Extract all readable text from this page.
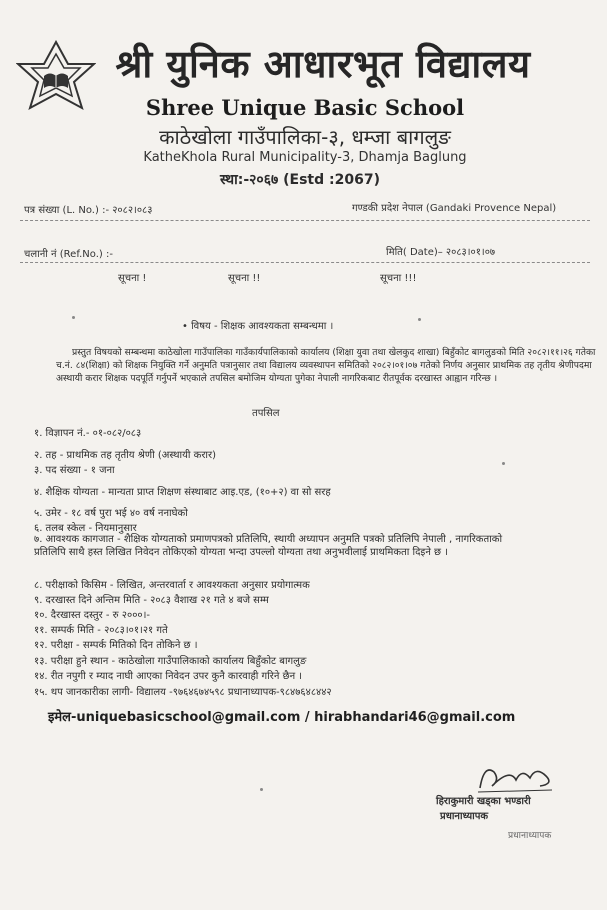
श्री युनिक आधारभूत विद्यालय
Shree Unique Basic School
काठेखोला गाउँपालिका-३, धम्जा बागलुङ
KatheKhola Rural Municipality-3, Dhamja Baglung
स्था:-२०६७ (Estd :2067)
पत्र संख्या (L. No.) :- २०८२।०८३	गण्डकी प्रदेश नेपाल (Gandaki Provence Nepal)
चलानी नं (Ref.No.) :-	मिति( Date)– २०८३।०१।०७
सूचना !	सूचना !!	सूचना !!!
• विषय - शिक्षक आवश्यकता सम्बन्धमा ।
प्रस्तुत विषयको सम्बन्धमा काठेखोला गाउँपालिका गाउँकार्यपालिकाको कार्यालय (शिक्षा युवा तथा खेलकुद शाखा) बिहुँकोट बागलुङको मिति २०८२।११।२६ गतेका च.नं. ८४(शिक्षा) को शिक्षक नियुक्ति गर्ने अनुमति पत्रानुसार तथा विद्यालय व्यवस्थापन समितिको २०८२।०१।०७ गतेको निर्णय अनुसार प्राथमिक तह तृतीय श्रेणीपदमा अस्थायी करार शिक्षक पदपूर्ति गर्नुपर्ने भएकाले तपसिल बमोजिम योग्यता पुगेका नेपाली नागरिकबाट रीतपूर्वक दरखास्त आह्वान गरिन्छ ।
तपसिल
१. विज्ञापन नं.- ०१-०८२/०८३
२. तह - प्राथमिक तह तृतीय श्रेणी (अस्थायी करार)
३. पद संख्या - १ जना
४. शैक्षिक योग्यता - मान्यता प्राप्त शिक्षण संस्थाबाट आइ.एड, (१०+२) वा सो सरह
५. उमेर - १८ वर्ष पुरा भई ४० वर्ष ननाघेको
६. तलब स्केल - नियमानुसार
७. आवश्यक कागजात - शैक्षिक योग्यताको प्रमाणपत्रको प्रतिलिपि, स्थायी अध्यापन अनुमति पत्रको प्रतिलिपि नेपाली , नागरिकताको प्रतिलिपि साथै हस्त लिखित निवेदन तोकिएको योग्यता भन्दा उपल्लो योग्यता तथा अनुभवीलाई प्राथमिकता दिइने छ ।
८. परीक्षाको किसिम - लिखित, अन्तरवार्ता र आवश्यकता अनुसार प्रयोगात्मक
९. दरखास्त दिने अन्तिम मिति - २०८३ वैशाख २१ गते ४ बजे सम्म
१०. दैरखास्त दस्तुर - रु २०००।-
११. सम्पर्क मिति - २०८३।०१।२१ गते
१२. परीक्षा - सम्पर्क मितिको दिन तोकिने छ ।
१३. परीक्षा हुने स्थान - काठेखोला गाउँपालिकाको कार्यालय बिहुँकोट बागलुङ
१४. रीत नपुगी र म्याद नाघी आएका निवेदन उपर कुनै कारवाही गरिने छैन ।
१५. थप जानकारीका लागी- विद्यालय -९७६४६७४५९८ प्रधानाध्यापक-९८४७६४८४४२
इमेल-uniquebasicschool@gmail.com / hirabhandari46@gmail.com
हिराकुमारी खड्का भण्डारी
प्रधानाध्यापक
प्रधानाध्यापक
